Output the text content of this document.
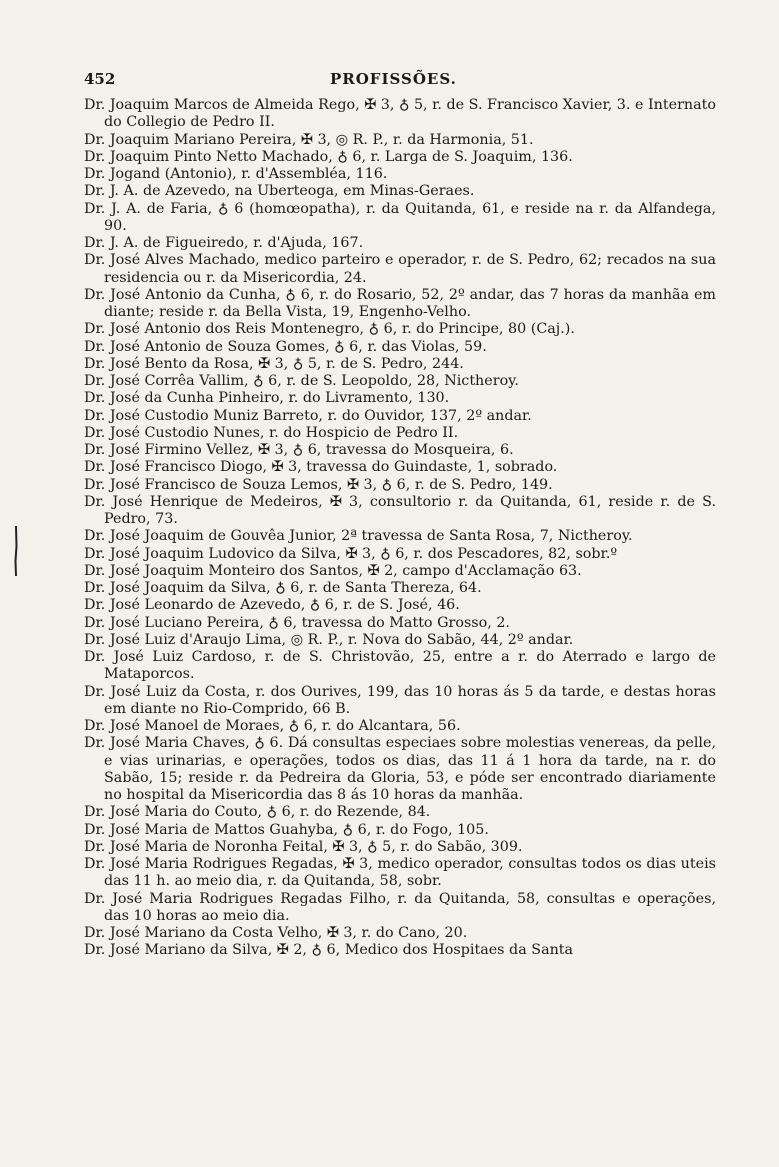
452	PROFISSÕES.

Dr. Joaquim Marcos de Almeida Rego, ✠ 3, ♁ 5, r. de S. Francisco Xavier, 3. e Internato do Collegio de Pedro II.

Dr. Joaquim Mariano Pereira, ✠ 3, ◎ R. P., r. da Harmonia, 51.

Dr. Joaquim Pinto Netto Machado, ♁ 6, r. Larga de S. Joaquim, 136.

Dr. Jogand (Antonio), r. d'Assembléa, 116.

Dr. J. A. de Azevedo, na Uberteoga, em Minas-Geraes.

Dr. J. A. de Faria, ♁ 6 (homœopatha), r. da Quitanda, 61, e reside na r. da Alfandega, 90.

Dr. J. A. de Figueiredo, r. d'Ajuda, 167.

Dr. José Alves Machado, medico parteiro e operador, r. de S. Pedro, 62; recados na sua residencia ou r. da Misericordia, 24.

Dr. José Antonio da Cunha, ♁ 6, r. do Rosario, 52, 2º andar, das 7 horas da manhãa em diante; reside r. da Bella Vista, 19, Engenho-Velho.

Dr. José Antonio dos Reis Montenegro, ♁ 6, r. do Principe, 80 (Caj.).

Dr. José Antonio de Souza Gomes, ♁ 6, r. das Violas, 59.

Dr. José Bento da Rosa, ✠ 3, ♁ 5, r. de S. Pedro, 244.

Dr. José Corrêa Vallim, ♁ 6, r. de S. Leopoldo, 28, Nictheroy.

Dr. José da Cunha Pinheiro, r. do Livramento, 130.

Dr. José Custodio Muniz Barreto, r. do Ouvidor, 137, 2º andar.

Dr. José Custodio Nunes, r. do Hospicio de Pedro II.

Dr. José Firmino Vellez, ✠ 3, ♁ 6, travessa do Mosqueira, 6.

Dr. José Francisco Diogo, ✠ 3, travessa do Guindaste, 1, sobrado.

Dr. José Francisco de Souza Lemos, ✠ 3, ♁ 6, r. de S. Pedro, 149.

Dr. José Henrique de Medeiros, ✠ 3, consultorio r. da Quitanda, 61, reside r. de S. Pedro, 73.

Dr. José Joaquim de Gouvêa Junior, 2ª travessa de Santa Rosa, 7, Nictheroy.

Dr. José Joaquim Ludovico da Silva, ✠ 3, ♁ 6, r. dos Pescadores, 82, sobr.º

Dr. José Joaquim Monteiro dos Santos, ✠ 2, campo d'Acclamação 63.

Dr. José Joaquim da Silva, ♁ 6, r. de Santa Thereza, 64.

Dr. José Leonardo de Azevedo, ♁ 6, r. de S. José, 46.

Dr. José Luciano Pereira, ♁ 6, travessa do Matto Grosso, 2.

Dr. José Luiz d'Araujo Lima, ◎ R. P., r. Nova do Sabão, 44, 2º andar.

Dr. José Luiz Cardoso, r. de S. Christovão, 25, entre a r. do Aterrado e largo de Mataporcos.

Dr. José Luiz da Costa, r. dos Ourives, 199, das 10 horas ás 5 da tarde, e destas horas em diante no Rio-Comprido, 66 B.

Dr. José Manoel de Moraes, ♁ 6, r. do Alcantara, 56.

Dr. José Maria Chaves, ♁ 6. Dá consultas especiaes sobre molestias venereas, da pelle, e vias urinarias, e operações, todos os dias, das 11 á 1 hora da tarde, na r. do Sabão, 15; reside r. da Pedreira da Gloria, 53, e póde ser encontrado diariamente no hospital da Misericordia das 8 ás 10 horas da manhãa.

Dr. José Maria do Couto, ♁ 6, r. do Rezende, 84.

Dr. José Maria de Mattos Guahyba, ♁ 6, r. do Fogo, 105.

Dr. José Maria de Noronha Feital, ✠ 3, ♁ 5, r. do Sabão, 309.

Dr. José Maria Rodrigues Regadas, ✠ 3, medico operador, consultas todos os dias uteis das 11 h. ao meio dia, r. da Quitanda, 58, sobr.

Dr. José Maria Rodrigues Regadas Filho, r. da Quitanda, 58, consultas e operações, das 10 horas ao meio dia.

Dr. José Mariano da Costa Velho, ✠ 3, r. do Cano, 20.

Dr. José Mariano da Silva, ✠ 2, ♁ 6, Medico dos Hospitaes da Santa
